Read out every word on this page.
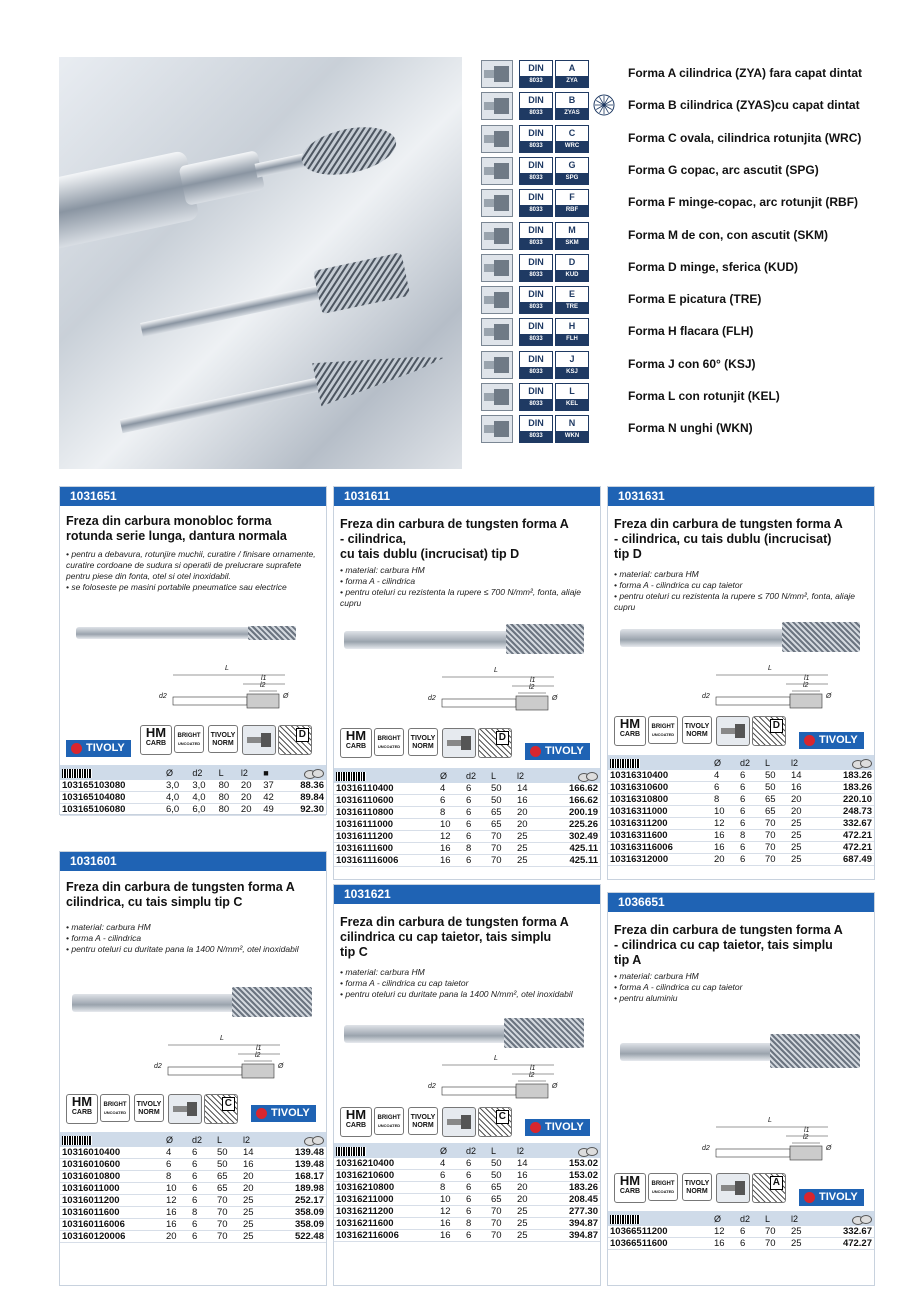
DIN
8033
A
ZYA
Forma A cilindrica (ZYA) fara capat dintat
DIN
8033
B
ZYAS
Forma B cilindrica (ZYAS)cu capat dintat
DIN
8033
C
WRC
Forma C ovala, cilindrica rotunjita (WRC)
DIN
8033
G
SPG
Forma G copac, arc ascutit (SPG)
DIN
8033
F
RBF
Forma F minge-copac, arc rotunjit (RBF)
DIN
8033
M
SKM
Forma M de con, con ascutit (SKM)
DIN
8033
D
KUD
Forma D minge, sferica (KUD)
DIN
8033
E
TRE
Forma E picatura (TRE)
DIN
8033
H
FLH
Forma H flacara (FLH)
DIN
8033
J
KSJ
Forma J con 60° (KSJ)
DIN
8033
L
KEL
Forma L con rotunjit (KEL)
DIN
8033
N
WKN
Forma N unghi (WKN)
1031651
Freza din carbura monobloc forma rotunda serie lunga, dantura normala
• pentru a debavura, rotunjire muchii, curatire / finisare ornamente, curatire cordoane de sudura si operatii de prelucrare suprafete pentru piese din fonta, otel si otel inoxidabil.
• se foloseste pe masini portabile pneumatice sau electrice
L
l1
l2
d2	Ø
HM
CARB
BRIGHT
UNCOATED
TIVOLY
NORM
D
TIVOLY
	Ø	d2	L	l2	■	
103165103080	3,0	3,0	80	20	37	88.36
103165104080	4,0	4,0	80	20	42	89.84
103165106080	6,0	6,0	80	20	49	92.30
1031611
Freza din carbura de tungsten forma A
- cilindrica,
cu tais dublu (incrucisat) tip D
• material: carbura HM
• forma A - cilindrica
• pentru oteluri cu rezistenta la rupere ≤ 700 N/mm², fonta, aliaje cupru
L
l1
l2
d2	Ø
HM
CARB
BRIGHT
UNCOATED
TIVOLY
NORM
D
TIVOLY
	Ø	d2	L	l2	
10316110400	4	6	50	14	166.62
10316110600	6	6	50	16	166.62
10316110800	8	6	65	20	200.19
10316111000	10	6	65	20	225.26
10316111200	12	6	70	25	302.49
10316111600	16	8	70	25	425.11
103161116006	16	6	70	25	425.11
1031631
Freza din carbura de tungsten forma A
- cilindrica, cu tais dublu (incrucisat)
tip D
• material: carbura HM
• forma A - cilindrica cu cap taietor
• pentru oteluri cu rezistenta la rupere ≤ 700 N/mm², fonta, aliaje cupru
L
l1
l2
d2	Ø
HM
CARB
BRIGHT
UNCOATED
TIVOLY
NORM
D
TIVOLY
	Ø	d2	L	l2	
10316310400	4	6	50	14	183.26
10316310600	6	6	50	16	183.26
10316310800	8	6	65	20	220.10
10316311000	10	6	65	20	248.73
10316311200	12	6	70	25	332.67
10316311600	16	8	70	25	472.21
103163116006	16	6	70	25	472.21
10316312000	20	6	70	25	687.49
1031601
Freza din carbura de tungsten forma A
cilindrica, cu tais simplu tip C
• material: carbura HM
• forma A - cilindrica
• pentru oteluri cu duritate pana la 1400 N/mm², otel inoxidabil
L
l1
l2
d2	Ø
HM
CARB
BRIGHT
UNCOATED
TIVOLY
NORM
C
TIVOLY
	Ø	d2	L	l2	
10316010400	4	6	50	14	139.48
10316010600	6	6	50	16	139.48
10316010800	8	6	65	20	168.17
10316011000	10	6	65	20	189.98
10316011200	12	6	70	25	252.17
10316011600	16	8	70	25	358.09
103160116006	16	6	70	25	358.09
103160120006	20	6	70	25	522.48
1031621
Freza din carbura de tungsten forma A
cilindrica cu cap taietor, tais simplu
tip C
• material: carbura HM
• forma A - cilindrica cu cap taietor
• pentru oteluri cu duritate pana la 1400 N/mm², otel inoxidabil
L
l1
l2
d2	Ø
HM
CARB
BRIGHT
UNCOATED
TIVOLY
NORM
C
TIVOLY
	Ø	d2	L	l2	
10316210400	4	6	50	14	153.02
10316210600	6	6	50	16	153.02
10316210800	8	6	65	20	183.26
10316211000	10	6	65	20	208.45
10316211200	12	6	70	25	277.30
10316211600	16	8	70	25	394.87
103162116006	16	6	70	25	394.87
1036651
Freza din carbura de tungsten forma A
- cilindrica cu cap taietor, tais simplu
tip A
• material: carbura HM
• forma A - cilindrica cu cap taietor
• pentru aluminiu
L
l1
l2
d2	Ø
HM
CARB
BRIGHT
UNCOATED
TIVOLY
NORM
A
TIVOLY
	Ø	d2	L	l2	
10366511200	12	6	70	25	332.67
10366511600	16	6	70	25	472.27
